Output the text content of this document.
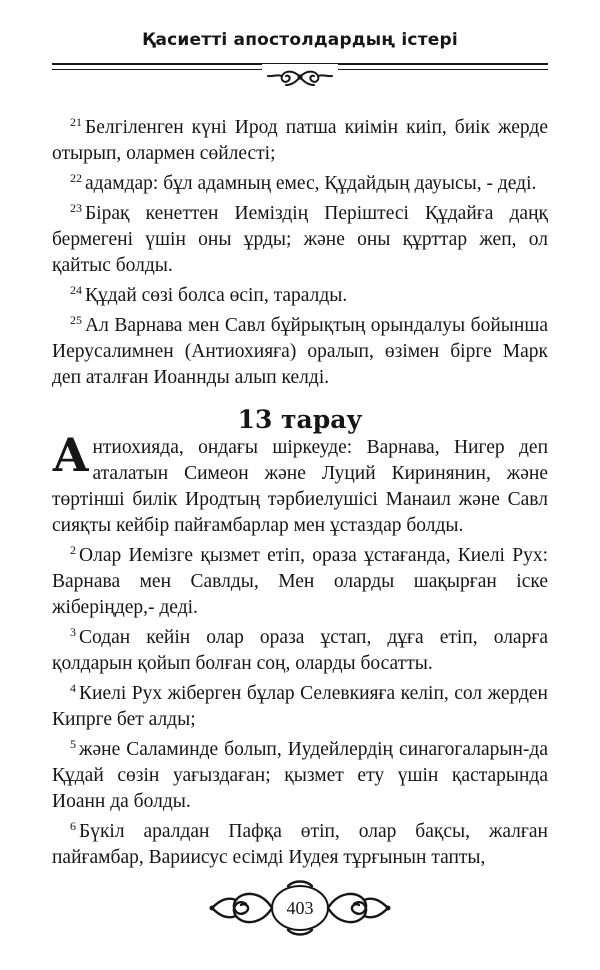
Қасиетті апостолдардың істері

$^{21}$ Белгіленген күні Ирод патша киімін киіп, биік жерде отырып, олармен сөйлесті;

$^{22}$ адамдар: бұл адамның емес, Құдайдың дауысы, - деді.

$^{23}$ Бірақ кенеттен Иеміздің Періштесі Құдайға даңқ бермегені үшін оны ұрды; және оны құрттар жеп, ол қайтыс болды.

$^{24}$ Құдай сөзі болса өсіп, таралды.

$^{25}$ Ал Варнава мен Савл бұйрықтың орындалуы бойынша Иерусалимнен (Антиохияға) оралып, өзімен бірге Марк деп аталған Иоаннды алып келді.

13 тарау

Антиохияда, ондағы шіркеуде: Варнава, Нигер деп аталатын Симеон және Луций Киринянин, және төртінші билік Иродтың тәрбиелушісі Манаил және Савл сияқты кейбір пайғамбарлар мен ұстаздар болды.

$^2$ Олар Иемізге қызмет етіп, ораза ұстағанда, Киелі Рух: Варнава мен Савлды, Мен оларды шақырған іске жіберіңдер,- деді.

$^3$ Содан кейін олар ораза ұстап, дұға етіп, оларға қолдарын қойып болған соң, оларды босатты.

$^4$ Киелі Рух жіберген бұлар Селевкияға келіп, сол жерден Кипрге бет алды;

$^5$ және Саламинде болып, Иудейлердің синагогаларын-да Құдай сөзін уағыздаған; қызмет ету үшін қастарында Иоанн да болды.

$^6$ Бүкіл аралдан Пафқа өтіп, олар бақсы, жалған пайғамбар, Вариисус есімді Иудея тұрғынын тапты,

403
